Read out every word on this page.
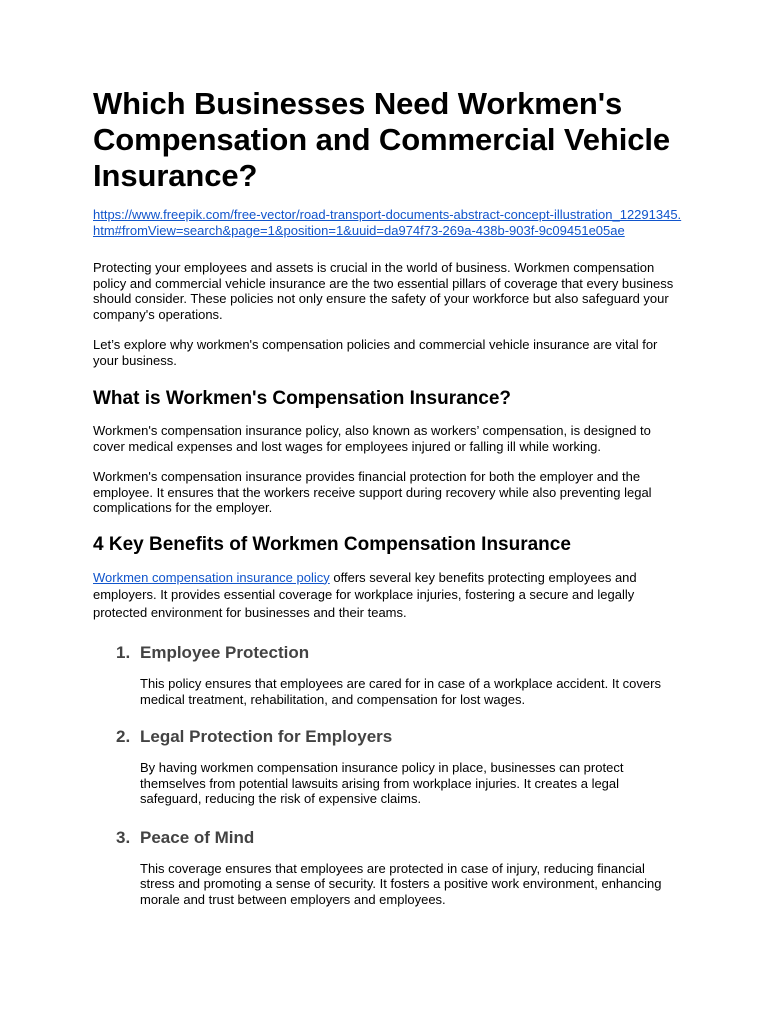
Which Businesses Need Workmen's Compensation and Commercial Vehicle Insurance?
https://www.freepik.com/free-vector/road-transport-documents-abstract-concept-illustration_12291345.htm#fromView=search&page=1&position=1&uuid=da974f73-269a-438b-903f-9c09451e05ae

Protecting your employees and assets is crucial in the world of business. Workmen compensation policy and commercial vehicle insurance are the two essential pillars of coverage that every business should consider. These policies not only ensure the safety of your workforce but also safeguard your company's operations.

Let’s explore why workmen's compensation policies and commercial vehicle insurance are vital for your business.

What is Workmen's Compensation Insurance?

Workmen's compensation insurance policy, also known as workers’ compensation, is designed to cover medical expenses and lost wages for employees injured or falling ill while working.

Workmen's compensation insurance provides financial protection for both the employer and the employee. It ensures that the workers receive support during recovery while also preventing legal complications for the employer.

4 Key Benefits of Workmen Compensation Insurance

Workmen compensation insurance policy offers several key benefits protecting employees and employers. It provides essential coverage for workplace injuries, fostering a secure and legally protected environment for businesses and their teams.

1. Employee Protection

This policy ensures that employees are cared for in case of a workplace accident. It covers medical treatment, rehabilitation, and compensation for lost wages.

2. Legal Protection for Employers

By having workmen compensation insurance policy in place, businesses can protect themselves from potential lawsuits arising from workplace injuries. It creates a legal safeguard, reducing the risk of expensive claims.

3. Peace of Mind

This coverage ensures that employees are protected in case of injury, reducing financial stress and promoting a sense of security. It fosters a positive work environment, enhancing morale and trust between employers and employees.
